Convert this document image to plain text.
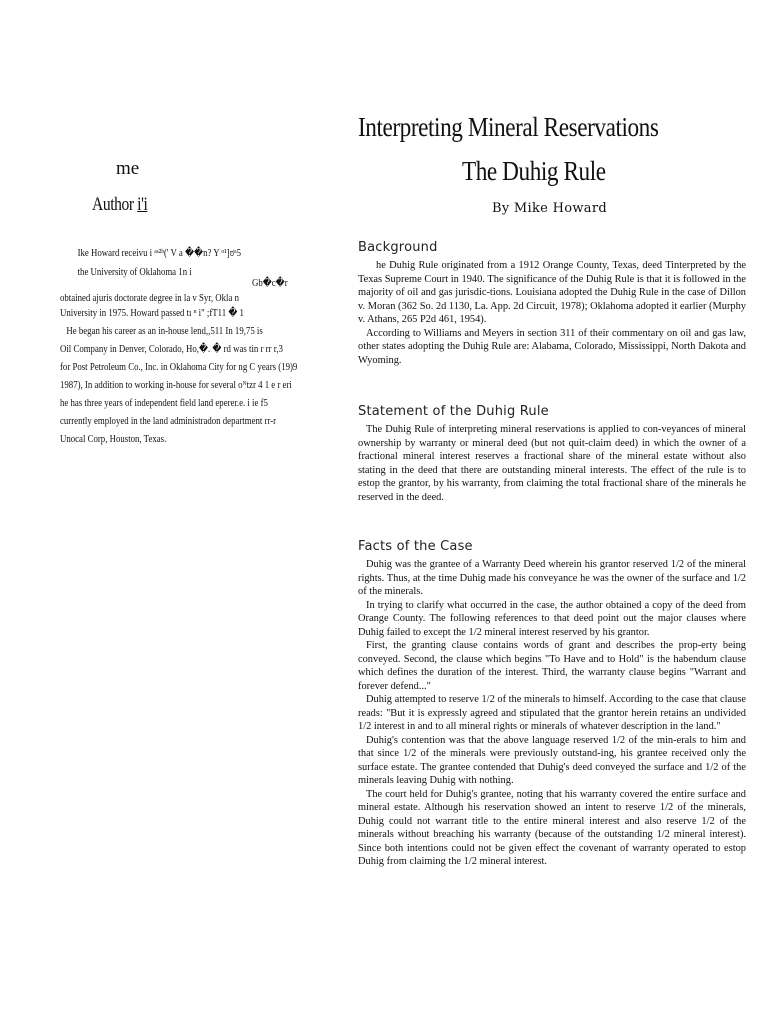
me
Author i'i
Ike Howard receivu i ᵃˢ²ᵇ(' V a ��n? Y ᵒ¹]ಠᵃ5
the University of Oklahoma 1n i
Gb�c�r
obtained ajuris doctorate degree in la v Syr, Okla n
University in 1975. Howard passed tı ⁿ i" ;fT11 � 1
He began his career as an in-house lend,,511 In 19,75 is
Oil Company in Denver, Colorado, Ho,�. � rd was tin r rr r,3
for Post Petroleum Co., Inc. in Oklahoma City for ng C years (19)9
1987), In addition to working in-house for several oᴺtzr 4 1 e r eri
he has three years of independent field land eperer.e. i ie f5
currently employed in the land administradon department rr-r
Unocal Corp, Houston, Texas.
Interpreting Mineral Reservations
The Duhig Rule
By Mike Howard
Background

he Duhig Rule originated from a 1912 Orange County, Texas, deed Tinterpreted by the Texas Supreme Court in 1940. The significance of the Duhig Rule is that it is followed in the majority of oil and gas jurisdic-tions. Louisiana adopted the Duhig Rule in the case of Dillon v. Moran (362 So. 2d 1130, La. App. 2d Circuit, 1978); Oklahoma adopted it earlier (Murphy v. Athans, 265 P2d 461, 1954).

According to Williams and Meyers in section 311 of their commentary on oil and gas law, other states adopting the Duhig Rule are: Alabama, Colorado, Mississippi, North Dakota and Wyoming.

Statement of the Duhig Rule

The Duhig Rule of interpreting mineral reservations is applied to con-veyances of mineral ownership by warranty or mineral deed (but not quit-claim deed) in which the owner of a fractional mineral interest reserves a fractional share of the mineral estate without also stating in the deed that there are outstanding mineral interests. The effect of the rule is to estop the grantor, by his warranty, from claiming the total fractional share of the minerals he reserved in the deed.

Facts of the Case

Duhig was the grantee of a Warranty Deed wherein his grantor reserved 1/2 of the mineral rights. Thus, at the time Duhig made his conveyance he was the owner of the surface and 1/2 of the minerals.

In trying to clarify what occurred in the case, the author obtained a copy of the deed from Orange County. The following references to that deed point out the major clauses where Duhig failed to except the 1/2 mineral interest reserved by his grantor.

First, the granting clause contains words of grant and describes the prop-erty being conveyed. Second, the clause which begins "To Have and to Hold" is the habendum clause which defines the duration of the interest. Third, the warranty clause begins "Warrant and forever defend..."

Duhig attempted to reserve 1/2 of the minerals to himself. According to the case that clause reads: "But it is expressly agreed and stipulated that the grantor herein retains an undivided 1/2 interest in and to all mineral rights or minerals of whatever description in the land."

Duhig's contention was that the above language reserved 1/2 of the min-erals to him and that since 1/2 of the minerals were previously outstand-ing, his grantee received only the surface estate. The grantee contended that Duhig's deed conveyed the surface and 1/2 of the minerals leaving Duhig with nothing.

The court held for Duhig's grantee, noting that his warranty covered the entire surface and mineral estate. Although his reservation showed an intent to reserve 1/2 of the minerals, Duhig could not warrant title to the entire mineral interest and also reserve 1/2 of the minerals without breaching his warranty (because of the outstanding 1/2 mineral interest). Since both intentions could not be given effect the covenant of warranty operated to estop Duhig from claiming the 1/2 mineral interest.
